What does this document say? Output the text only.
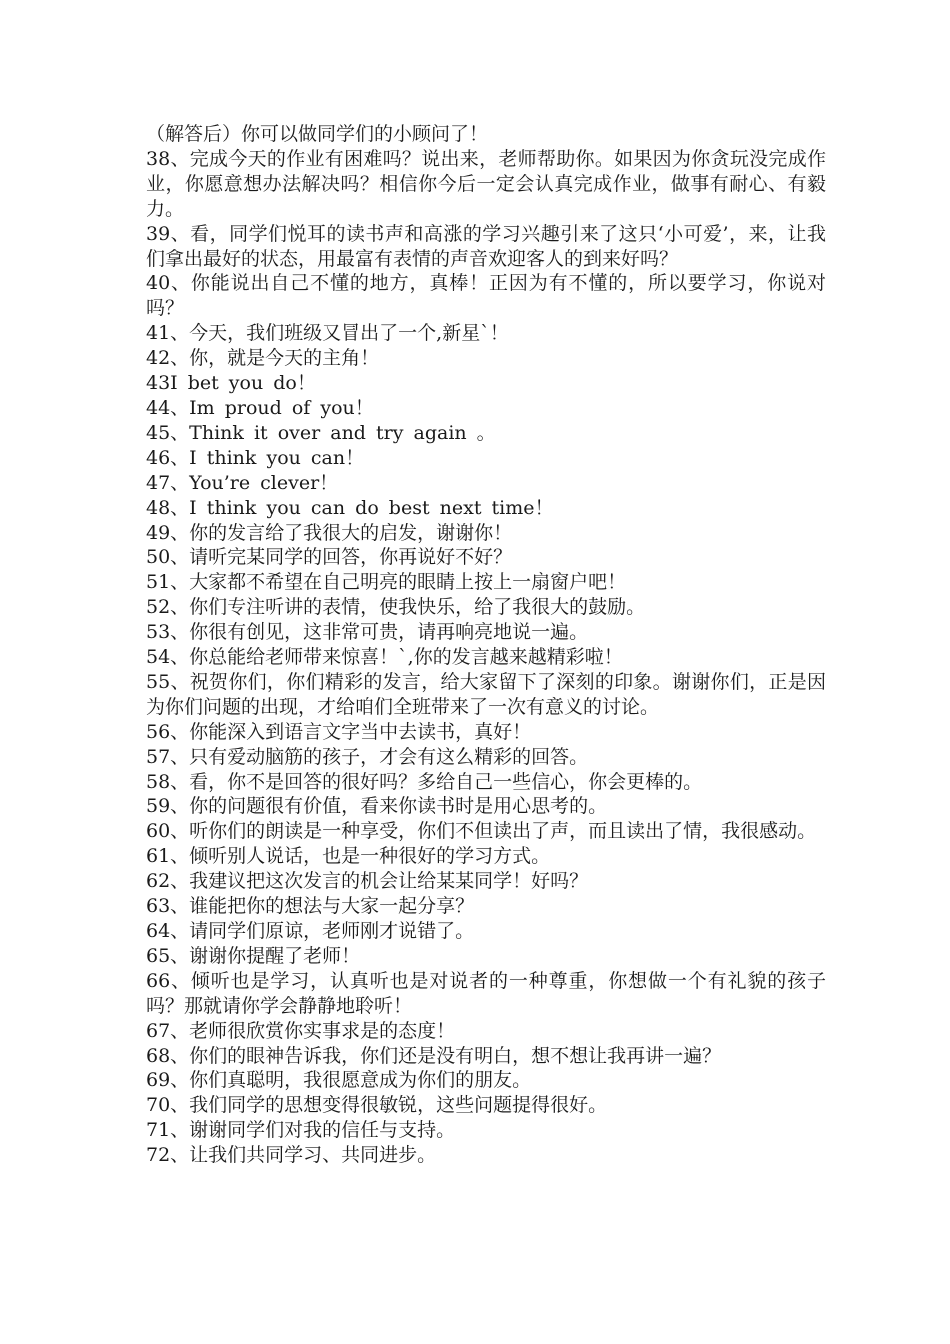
（解答后）你可以做同学们的小顾问了！

38、完成今天的作业有困难吗？说出来，老师帮助你。如果因为你贪玩没完成作业，你愿意想办法解决吗？相信你今后一定会认真完成作业，做事有耐心、有毅力。

39、看，同学们悦耳的读书声和高涨的学习兴趣引来了这只‘小可爱’，来，让我们拿出最好的状态，用最富有表情的声音欢迎客人的到来好吗？

40、你能说出自己不懂的地方，真棒！正因为有不懂的，所以要学习，你说对吗？

41、今天，我们班级又冒出了一个,新星`！

42、你，就是今天的主角！

43I bet you do！

44、Im proud of you！

45、Think it over and try again 。

46、I think you can！

47、You’re clever！

48、I think you can do best next time！

49、你的发言给了我很大的启发，谢谢你！

50、请听完某同学的回答，你再说好不好？

51、大家都不希望在自己明亮的眼睛上按上一扇窗户吧！

52、你们专注听讲的表情，使我快乐，给了我很大的鼓励。

53、你很有创见，这非常可贵，请再响亮地说一遍。

54、你总能给老师带来惊喜！`,你的发言越来越精彩啦！

55、祝贺你们，你们精彩的发言，给大家留下了深刻的印象。谢谢你们，正是因为你们问题的出现，才给咱们全班带来了一次有意义的讨论。

56、你能深入到语言文字当中去读书，真好！

57、只有爱动脑筋的孩子，才会有这么精彩的回答。

58、看，你不是回答的很好吗？多给自己一些信心，你会更棒的。

59、你的问题很有价值，看来你读书时是用心思考的。

60、听你们的朗读是一种享受，你们不但读出了声，而且读出了情，我很感动。

61、倾听别人说话，也是一种很好的学习方式。

62、我建议把这次发言的机会让给某某同学！好吗？

63、谁能把你的想法与大家一起分享？

64、请同学们原谅，老师刚才说错了。

65、谢谢你提醒了老师！

66、倾听也是学习，认真听也是对说者的一种尊重，你想做一个有礼貌的孩子吗？那就请你学会静静地聆听！

67、老师很欣赏你实事求是的态度！

68、你们的眼神告诉我，你们还是没有明白，想不想让我再讲一遍？

69、你们真聪明，我很愿意成为你们的朋友。

70、我们同学的思想变得很敏锐，这些问题提得很好。

71、谢谢同学们对我的信任与支持。

72、让我们共同学习、共同进步。
